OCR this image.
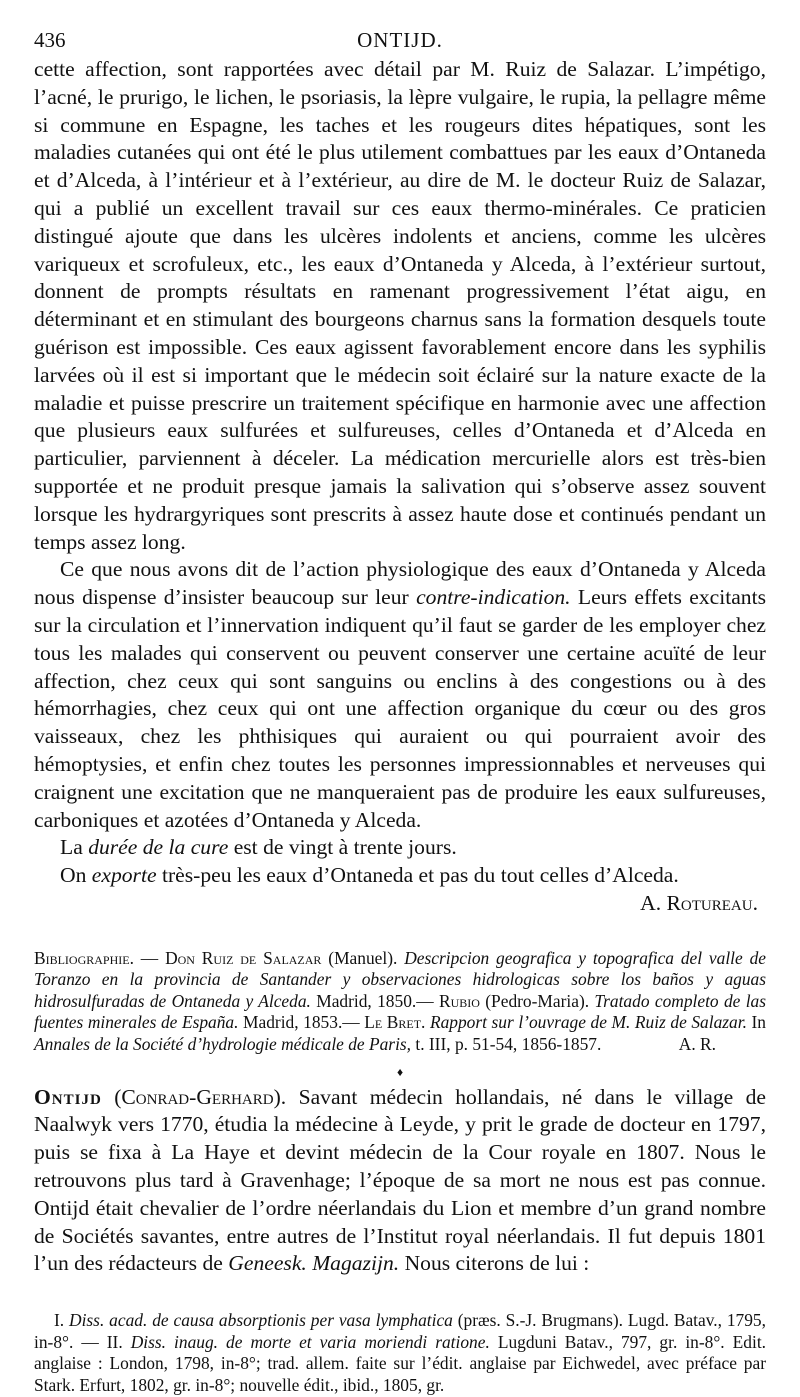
436	ONTIJD.

cette affection, sont rapportées avec détail par M. Ruiz de Salazar. L’impétigo, l’acné, le prurigo, le lichen, le psoriasis, la lèpre vulgaire, le rupia, la pellagre même si commune en Espagne, les taches et les rougeurs dites hépatiques, sont les maladies cutanées qui ont été le plus utilement combattues par les eaux d’Ontaneda et d’Alceda, à l’intérieur et à l’extérieur, au dire de M. le docteur Ruiz de Salazar, qui a publié un excellent travail sur ces eaux thermo-minérales. Ce praticien distingué ajoute que dans les ulcères indolents et anciens, comme les ulcères variqueux et scrofuleux, etc., les eaux d’Ontaneda y Alceda, à l’extérieur surtout, donnent de prompts résultats en ramenant progressivement l’état aigu, en déterminant et en stimulant des bourgeons charnus sans la formation desquels toute guérison est impossible. Ces eaux agissent favorablement encore dans les syphilis larvées où il est si important que le médecin soit éclairé sur la nature exacte de la maladie et puisse prescrire un traitement spécifique en harmonie avec une affection que plusieurs eaux sulfurées et sulfureuses, celles d’Ontaneda et d’Alceda en particulier, parviennent à déceler. La médication mercurielle alors est très-bien supportée et ne produit presque jamais la salivation qui s’observe assez souvent lorsque les hydrargyriques sont prescrits à assez haute dose et continués pendant un temps assez long.

Ce que nous avons dit de l’action physiologique des eaux d’Ontaneda y Alceda nous dispense d’insister beaucoup sur leur contre-indication. Leurs effets excitants sur la circulation et l’innervation indiquent qu’il faut se garder de les employer chez tous les malades qui conservent ou peuvent conserver une certaine acuïté de leur affection, chez ceux qui sont sanguins ou enclins à des congestions ou à des hémorrhagies, chez ceux qui ont une affection organique du cœur ou des gros vaisseaux, chez les phthisiques qui auraient ou qui pourraient avoir des hémoptysies, et enfin chez toutes les personnes impressionnables et nerveuses qui craignent une excitation que ne manqueraient pas de produire les eaux sulfureuses, carboniques et azotées d’Ontaneda y Alceda.

La durée de la cure est de vingt à trente jours.

On exporte très-peu les eaux d’Ontaneda et pas du tout celles d’Alceda.

A. Rotureau.

Bibliographie. — Don Ruiz de Salazar (Manuel). Descripcion geografica y topografica del valle de Toranzo en la provincia de Santander y observaciones hidrologicas sobre los baños y aguas hidrosulfuradas de Ontaneda y Alceda. Madrid, 1850.— Rubio (Pedro-Maria). Tratado completo de las fuentes minerales de España. Madrid, 1853.— Le Bret. Rapport sur l’ouvrage de M. Ruiz de Salazar. In Annales de la Société d’hydrologie médicale de Paris, t. III, p. 51-54, 1856-1857.	A. R.
♦
Ontijd (Conrad-Gerhard). Savant médecin hollandais, né dans le village de Naalwyk vers 1770, étudia la médecine à Leyde, y prit le grade de docteur en 1797, puis se fixa à La Haye et devint médecin de la Cour royale en 1807. Nous le retrouvons plus tard à Gravenhage; l’époque de sa mort ne nous est pas connue. Ontijd était chevalier de l’ordre néerlandais du Lion et membre d’un grand nombre de Sociétés savantes, entre autres de l’Institut royal néerlandais. Il fut depuis 1801 l’un des rédacteurs de Geneesk. Magazijn. Nous citerons de lui :
I. Diss. acad. de causa absorptionis per vasa lymphatica (præs. S.-J. Brugmans). Lugd. Batav., 1795, in-8°. — II. Diss. inaug. de morte et varia moriendi ratione. Lugduni Batav., 797, gr. in-8°. Edit. anglaise : London, 1798, in-8°; trad. allem. faite sur l’édit. anglaise par Eichwedel, avec préface par Stark. Erfurt, 1802, gr. in-8°; nouvelle édit., ibid., 1805, gr.
